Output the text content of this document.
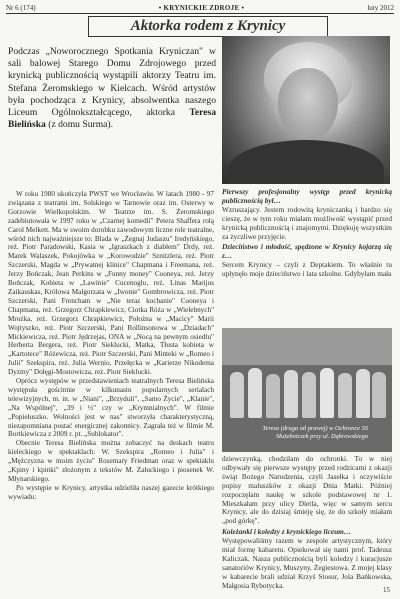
Nr 6 (174)	• KRYNICKIE ZDROJE •	luty 2012
Aktorka rodem z Krynicy
Podczas „Noworocznego Spotkania Kryniczan" w sali balowej Starego Domu Zdrojowego przed krynicką publicznością wystąpili aktorzy Teatru im. Stefana Żeromskiego w Kielcach. Wśród artystów była pochodząca z Krynicy, absolwentka naszego Liceum Ogólnokształcącego, aktorka Teresa Bielińska (z domu Surma).

W roku 1980 ukończyła PWST we Wrocławiu. W latach 1980 - 97 związana z teatrami im. Solskiego w Tarnowie oraz im. Osterwy w Gorzowie Wielkopolskim. W Teatrze im. S. Żeromskiego zadebiutowała w 1997 roku w „Czarnej komedii" Petera Shaffera rolą Carol Melkett. Ma w swoim dorobku zawodowym liczne role teatralne, wśród nich najważniejsze to: Blada w „Żegnaj Judaszu" Iredyńskiego, reż. Piotr Paradowski, Kasia w „Igraszkach z diabłem" Drdy, reż. Marek Walaszek, Pokojówka w „Korowodzie" Sznitzlera, reż. Piotr Szczerski, Magda w „Prywatnej klinice" Chapmana i Freemana, reż. Jerzy Bończak, Jean Perkins w „Funny money" Cooneya, reż. Jerzy Bończak, Kobieta w „Lawinie" Cucenoglu, reż. Linas Marijus Zaikauskas, Królowa Małgorzata w „Iwonie" Gombrowicza, reż. Piotr Szczerski, Pani Frencham w „Nie teraz kochanie" Cooneya i Chapmana, reż. Grzegorz Chrapkiewicz, Ciotka Róża w „Wielebnych" Mrożka, reż. Grzegorz Chrapkiewicz, Położna w „Macicy" Marii Wojtyszko, reż. Piotr Szczerski, Pani Rollinsonowa w „Dziadach" Mickiewicza, reż. Piotr Jędrzejas, ONA w „Nocą na pewnym osiedlu" Herberta Bergera, reż. Piotr Sieklucki, Matka, Tłusta kobieta w „Kartotece" Różewicza, reż. Piotr Szczerski, Pani Minteki w „Romeo i Julii" Szekspira, reż. Julia Wernio, Przełęcka w „Karierze Nikodema Dyzmy" Dołęgi-Mostowicza, reż. Piotr Sieklucki.

Oprócz występów w przedstawieniach teatralnych Teresa Bielińska występuła gościnnie w kilkunastu popularnych serialach telewizyjnych, m. in. w „Niani", „Brzydulі", „Samo Życie", „Klanie", „Na Wspólnej", „39 i ½" czy w „Krymnialnych". W filmie „Popiełuszko. Wolności jest w nas" stworzyła charakterystyczną, niezapomniana postać energicznej zakonnicy. Zagrała też w filmie M. Bortkiewicza z 2009 r. pt. „Sublokator".

Obecnie Teresa Bielińska można zobaczyć na deskach teatru kieleckiego w spektaklach: W. Szekspira „Romeo i Julia" i „Mężczyzna w moim życiu" Rosemary Friedman oraz w spektaklu „Kpiny i kpinki" złożonym z tekstów M. Załuckiego i piosenek W. Młynarskiego.

Po występie w Krynicy, artystka udzieliła naszej gazecie krótkiego wywiadu:

Pierwszy profesjonalny występ przed krynicką publicznością był…

Wzruszający. Jestem rodowitą kryniczanką i bardzo się cieszę, że w tym roku miałam możliwość wystąpić przed krynicką publicznością i znajomymi. Dziękuję wszystkim za życzliwe przyjęcie.

Dzieciństwo i młodość, spędzone w Krynicy kojarzą się z…

Sercem Krynicy – czyli z Deptakiem. To właśnie tu upłynęło moje dzieciństwo i lata szkolne. Gdybyłam mała

Teresa (druga od prawej) w Ochronce SS Służebniczek przy ul. Dąbrowskiego

dziewczynką, chodziłam do ochronki. To w niej odbywały się pierwsze występy przed rodzicami z okazji świąt Bożego Narodzenia, czyli Jasełka i oczywiście popisy maluszków z okazji Dnia Matki. Później rozpoczęłam naukę w szkole podstawowej nr 1. Mieszkałam przy ulicy Dietla, więc w samym sercu Krynicy, ale do dzisiaj śmieję się, że do szkoły miałam „pod górkę".

Koleżanki i koledzy z krynickiego liceum…

Występowaliśmy razem w zespole artystycznym, który miał formę kabaretu. Opiekował się nami prof. Tadeusz Kaliczak. Nasza publicznością byli koledzy i kuracjusze sanatoriów Krynicy, Muszyny, Żegiestowa. Z mojej klasy w kabarecie brali udział Krzyś Stosur, Jola Bańkowska, Małgosia Rybotycka.

15
